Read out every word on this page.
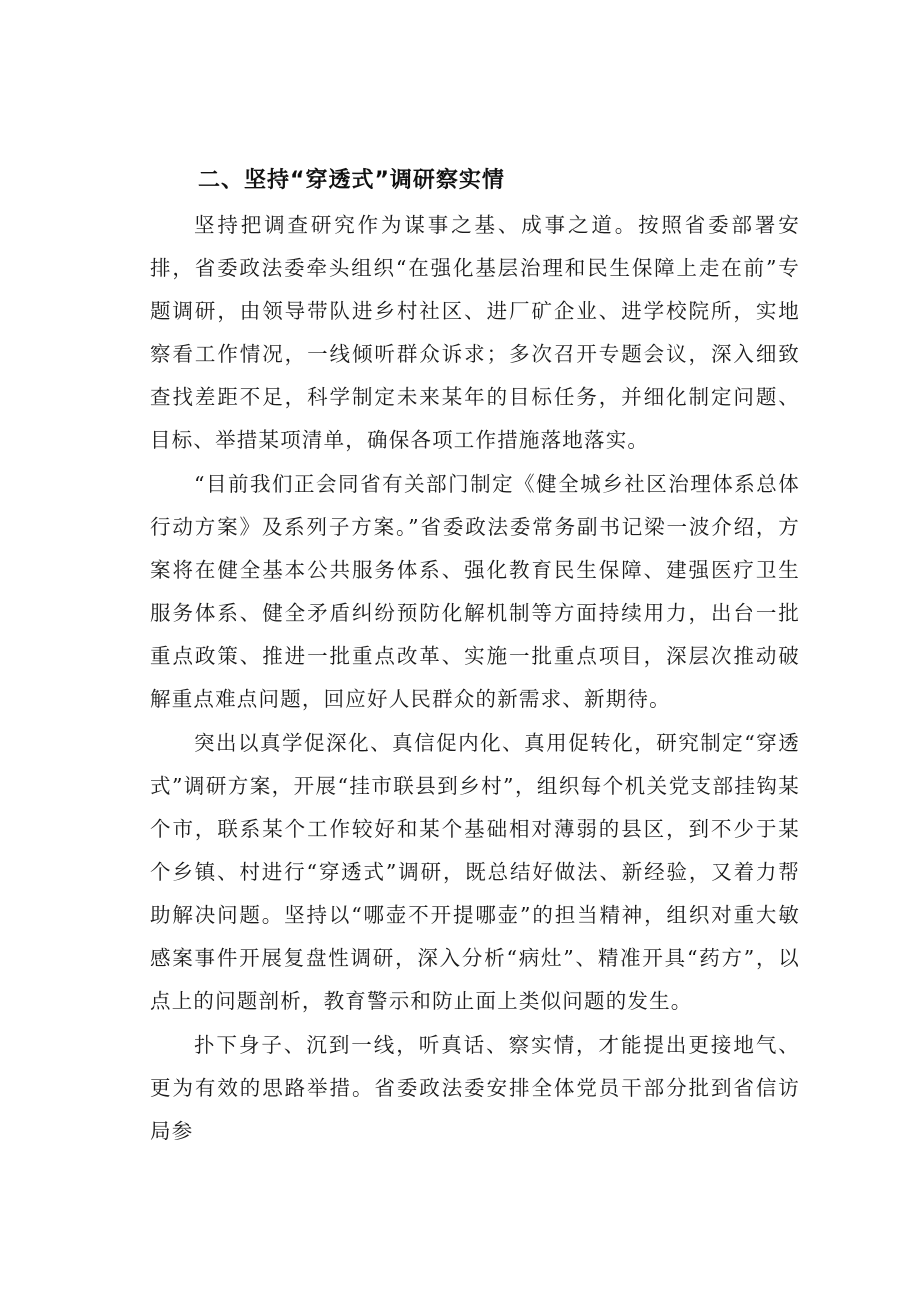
二、坚持“穿透式”调研察实情

坚持把调查研究作为谋事之基、成事之道。按照省委部署安排，省委政法委牵头组织“在强化基层治理和民生保障上走在前”专题调研，由领导带队进乡村社区、进厂矿企业、进学校院所，实地察看工作情况，一线倾听群众诉求；多次召开专题会议，深入细致查找差距不足，科学制定未来某年的目标任务，并细化制定问题、目标、举措某项清单，确保各项工作措施落地落实。

“目前我们正会同省有关部门制定《健全城乡社区治理体系总体行动方案》及系列子方案。”省委政法委常务副书记梁一波介绍，方案将在健全基本公共服务体系、强化教育民生保障、建强医疗卫生服务体系、健全矛盾纠纷预防化解机制等方面持续用力，出台一批重点政策、推进一批重点改革、实施一批重点项目，深层次推动破解重点难点问题，回应好人民群众的新需求、新期待。

突出以真学促深化、真信促内化、真用促转化，研究制定“穿透式”调研方案，开展“挂市联县到乡村”，组织每个机关党支部挂钩某个市，联系某个工作较好和某个基础相对薄弱的县区，到不少于某个乡镇、村进行“穿透式”调研，既总结好做法、新经验，又着力帮助解决问题。坚持以“哪壶不开提哪壶”的担当精神，组织对重大敏感案事件开展复盘性调研，深入分析“病灶”、精准开具“药方”，以点上的问题剖析，教育警示和防止面上类似问题的发生。

扑下身子、沉到一线，听真话、察实情，才能提出更接地气、更为有效的思路举措。省委政法委安排全体党员干部分批到省信访局参
